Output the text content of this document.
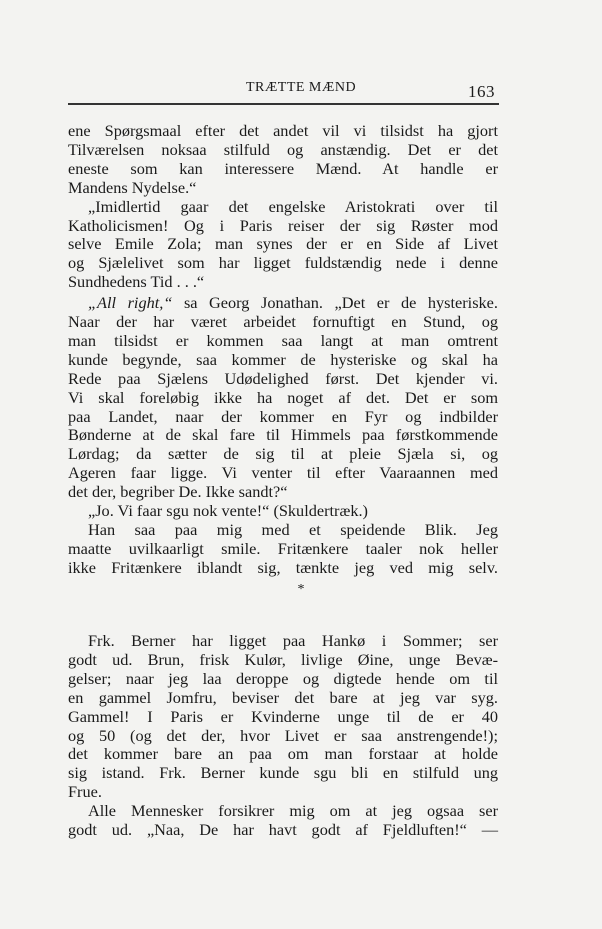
TRÆTTE MÆND	163
ene Spørgsmaal efter det andet vil vi tilsidst ha gjort
Tilværelsen noksaa stilfuld og anstændig. Det er det
eneste som kan interessere Mænd. At handle er
Mandens Nydelse.“
„Imidlertid gaar det engelske Aristokrati over til
Katholicismen! Og i Paris reiser der sig Røster mod
selve Emile Zola; man synes der er en Side af Livet
og Sjælelivet som har ligget fuldstændig nede i denne
Sundhedens Tid . . .“
„All right,“ sa Georg Jonathan. „Det er de hysteriske.
Naar der har været arbeidet fornuftigt en Stund, og
man tilsidst er kommen saa langt at man omtrent
kunde begynde, saa kommer de hysteriske og skal ha
Rede paa Sjælens Udødelighed først. Det kjender vi.
Vi skal foreløbig ikke ha noget af det. Det er som
paa Landet, naar der kommer en Fyr og indbilder
Bønderne at de skal fare til Himmels paa førstkommende
Lørdag; da sætter de sig til at pleie Sjæla si, og
Ageren faar ligge. Vi venter til efter Vaaraannen med
det der, begriber De. Ikke sandt?“
„Jo. Vi faar sgu nok vente!“ (Skuldertræk.)
Han saa paa mig med et speidende Blik. Jeg
maatte uvilkaarligt smile. Fritænkere taaler nok heller
ikke Fritænkere iblandt sig, tænkte jeg ved mig selv.
*
Frk. Berner har ligget paa Hankø i Sommer; ser
godt ud. Brun, frisk Kulør, livlige Øine, unge Bevæ-
gelser; naar jeg laa deroppe og digtede hende om til
en gammel Jomfru, beviser det bare at jeg var syg.
Gammel! I Paris er Kvinderne unge til de er 40
og 50 (og det der, hvor Livet er saa anstrengende!);
det kommer bare an paa om man forstaar at holde
sig istand. Frk. Berner kunde sgu bli en stilfuld ung
Frue.
Alle Mennesker forsikrer mig om at jeg ogsaa ser
godt ud. „Naa, De har havt godt af Fjeldluften!“ —
